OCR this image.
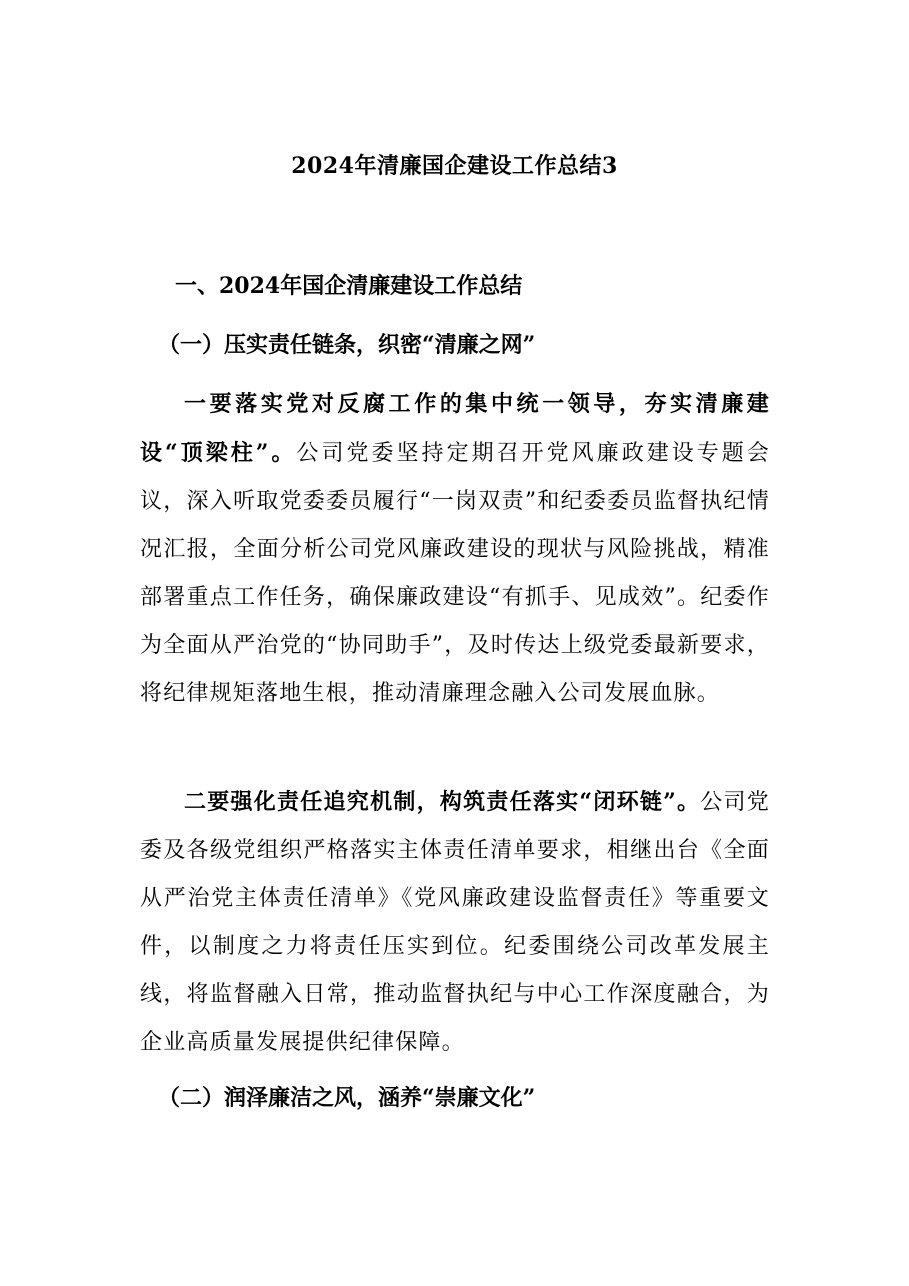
2024年清廉国企建设工作总结3
一、2024年国企清廉建设工作总结
（一）压实责任链条，织密“清廉之网”

一要落实党对反腐工作的集中统一领导，夯实清廉建设“顶梁柱”。公司党委坚持定期召开党风廉政建设专题会议，深入听取党委委员履行“一岗双责”和纪委委员监督执纪情况汇报，全面分析公司党风廉政建设的现状与风险挑战，精准部署重点工作任务，确保廉政建设“有抓手、见成效”。纪委作为全面从严治党的“协同助手”，及时传达上级党委最新要求，将纪律规矩落地生根，推动清廉理念融入公司发展血脉。

二要强化责任追究机制，构筑责任落实“闭环链”。公司党委及各级党组织严格落实主体责任清单要求，相继出台《全面从严治党主体责任清单》《党风廉政建设监督责任》等重要文件，以制度之力将责任压实到位。纪委围绕公司改革发展主线，将监督融入日常，推动监督执纪与中心工作深度融合，为企业高质量发展提供纪律保障。

（二）润泽廉洁之风，涵养“崇廉文化”
